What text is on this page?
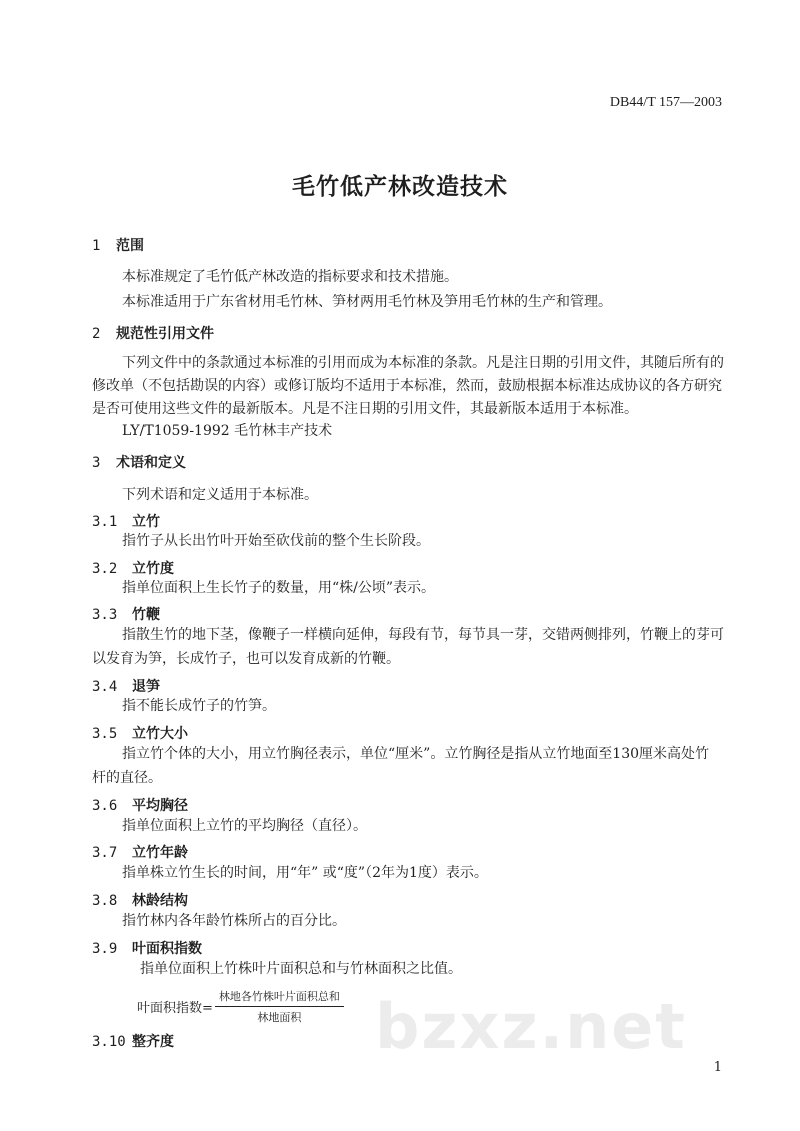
DB44/T 157—2003
毛竹低产林改造技术
1 范围
本标准规定了毛竹低产林改造的指标要求和技术措施。
本标准适用于广东省材用毛竹林、笋材两用毛竹林及笋用毛竹林的生产和管理。
2 规范性引用文件
下列文件中的条款通过本标准的引用而成为本标准的条款。凡是注日期的引用文件，其随后所有的
修改单（不包括勘误的内容）或修订版均不适用于本标准，然而，鼓励根据本标准达成协议的各方研究
是否可使用这些文件的最新版本。凡是不注日期的引用文件，其最新版本适用于本标准。
LY/T1059-1992 毛竹林丰产技术
3 术语和定义
下列术语和定义适用于本标准。
3.1 立竹
指竹子从长出竹叶开始至砍伐前的整个生长阶段。
3.2 立竹度
指单位面积上生长竹子的数量，用“株/公顷”表示。
3.3 竹鞭
指散生竹的地下茎，像鞭子一样横向延伸，每段有节，每节具一芽，交错两侧排列，竹鞭上的芽可
以发育为笋，长成竹子，也可以发育成新的竹鞭。
3.4 退笋
指不能长成竹子的竹笋。
3.5 立竹大小
指立竹个体的大小，用立竹胸径表示，单位“厘米”。立竹胸径是指从立竹地面至130厘米高处竹
杆的直径。
3.6 平均胸径
指单位面积上立竹的平均胸径（直径）。
3.7 立竹年龄
指单株立竹生长的时间，用“年” 或“度”（2年为1度）表示。
3.8 林龄结构
指竹林内各年龄竹株所占的百分比。
3.9 叶面积指数
指单位面积上竹株叶片面积总和与竹林面积之比值。
叶面积指数=
林地各竹株叶片面积总和
林地面积 bzxz.net
3.10 整齐度
1
